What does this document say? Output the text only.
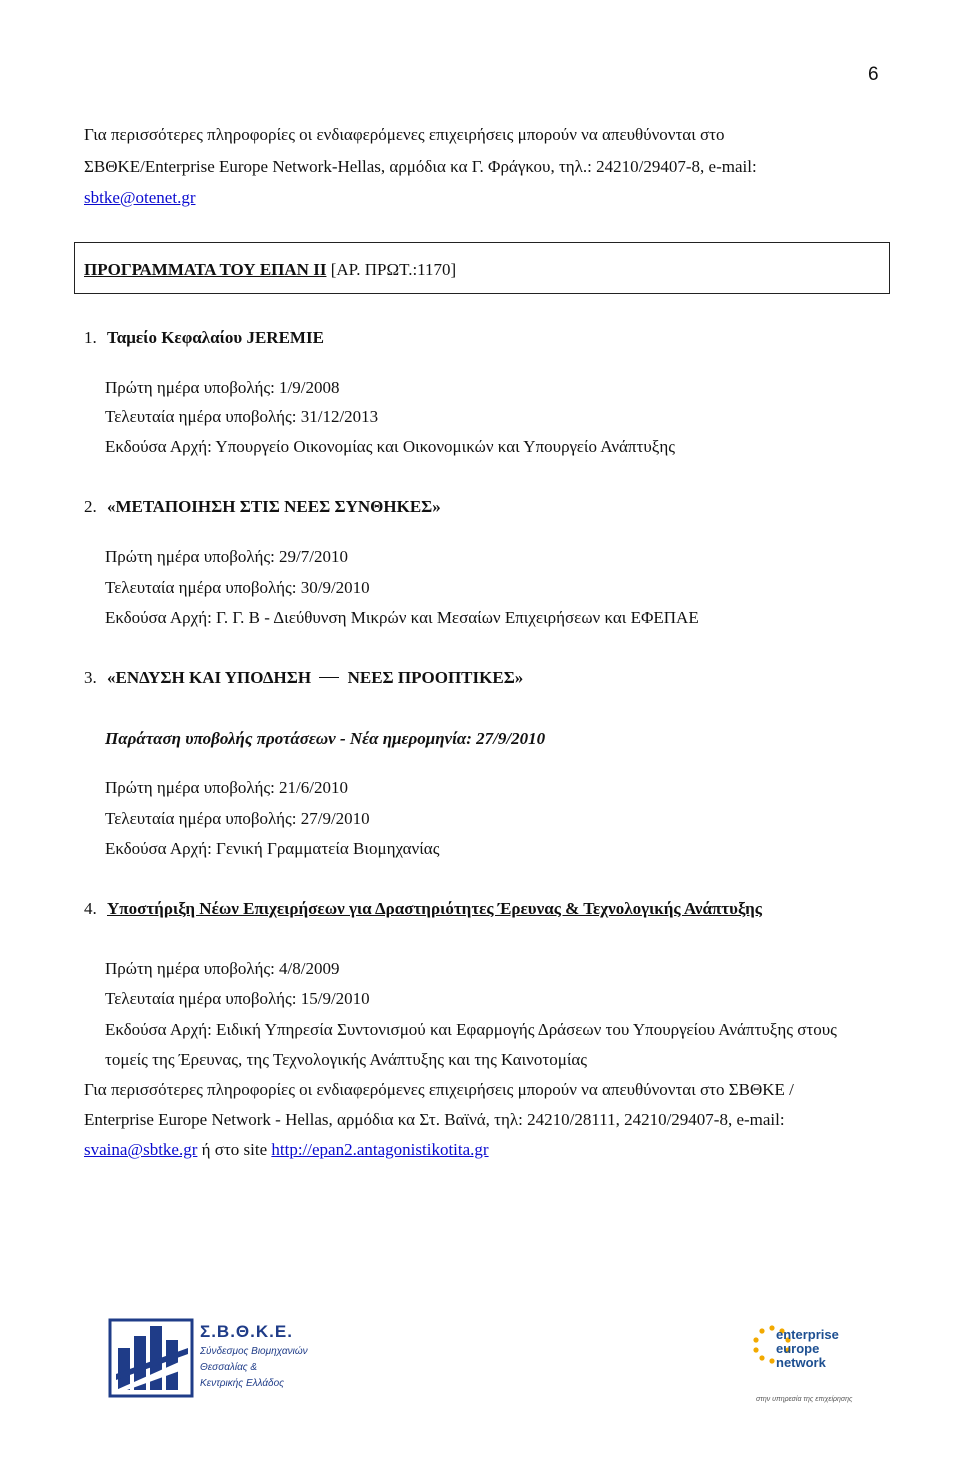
6
Για περισσότερες πληροφορίες οι ενδιαφερόμενες επιχειρήσεις μπορούν να απευθύνονται στο
ΣΒΘΚΕ/Enterprise Europe Network-Hellas, αρμόδια κα Γ. Φράγκου, τηλ.: 24210/29407-8, e-mail:
sbtke@otenet.gr
ΠΡΟΓΡΑΜΜΑΤΑ ΤΟΥ ΕΠΑΝ ΙΙ [ΑΡ. ΠΡΩΤ.:1170]
1. Ταμείο Κεφαλαίου JEREMIE
Πρώτη ημέρα υποβολής: 1/9/2008
Τελευταία ημέρα υποβολής: 31/12/2013
Εκδούσα Αρχή: Υπουργείο Οικονομίας και Οικονομικών και Υπουργείο Ανάπτυξης
2. «ΜΕΤΑΠΟΙΗΣΗ ΣΤΙΣ ΝΕΕΣ ΣΥΝΘΗΚΕΣ»
Πρώτη ημέρα υποβολής: 29/7/2010
Τελευταία ημέρα υποβολής: 30/9/2010
Εκδούσα Αρχή: Γ. Γ. Β - Διεύθυνση Μικρών και Μεσαίων Επιχειρήσεων και ΕΦΕΠΑΕ
3. «ΕΝΔΥΣΗ ΚΑΙ ΥΠΟΔΗΣΗ ΝΕΕΣ ΠΡΟΟΠΤΙΚΕΣ»
Παράταση υποβολής προτάσεων - Νέα ημερομηνία: 27/9/2010
Πρώτη ημέρα υποβολής: 21/6/2010
Τελευταία ημέρα υποβολής: 27/9/2010
Εκδούσα Αρχή: Γενική Γραμματεία Βιομηχανίας
4. Υποστήριξη Νέων Επιχειρήσεων για Δραστηριότητες Έρευνας & Τεχνολογικής Ανάπτυξης
Πρώτη ημέρα υποβολής: 4/8/2009
Τελευταία ημέρα υποβολής: 15/9/2010
Εκδούσα Αρχή: Ειδική Υπηρεσία Συντονισμού και Εφαρμογής Δράσεων του Υπουργείου Ανάπτυξης στους
τομείς της Έρευνας, της Τεχνολογικής Ανάπτυξης και της Καινοτομίας
Για περισσότερες πληροφορίες οι ενδιαφερόμενες επιχειρήσεις μπορούν να απευθύνονται στο ΣΒΘΚΕ /
Enterprise Europe Network - Hellas, αρμόδια κα Στ. Βαϊνά, τηλ: 24210/28111, 24210/29407-8, e-mail:
svaina@sbtke.gr ή στο site http://epan2.antagonistikotita.gr
Σ.Β.Θ.Κ.Ε.
Σύνδεσμος Βιομηχανιών
Θεσσαλίας &
Κεντρικής Ελλάδος
enterprise
europe
network
στην υπηρεσία της επιχείρησης
